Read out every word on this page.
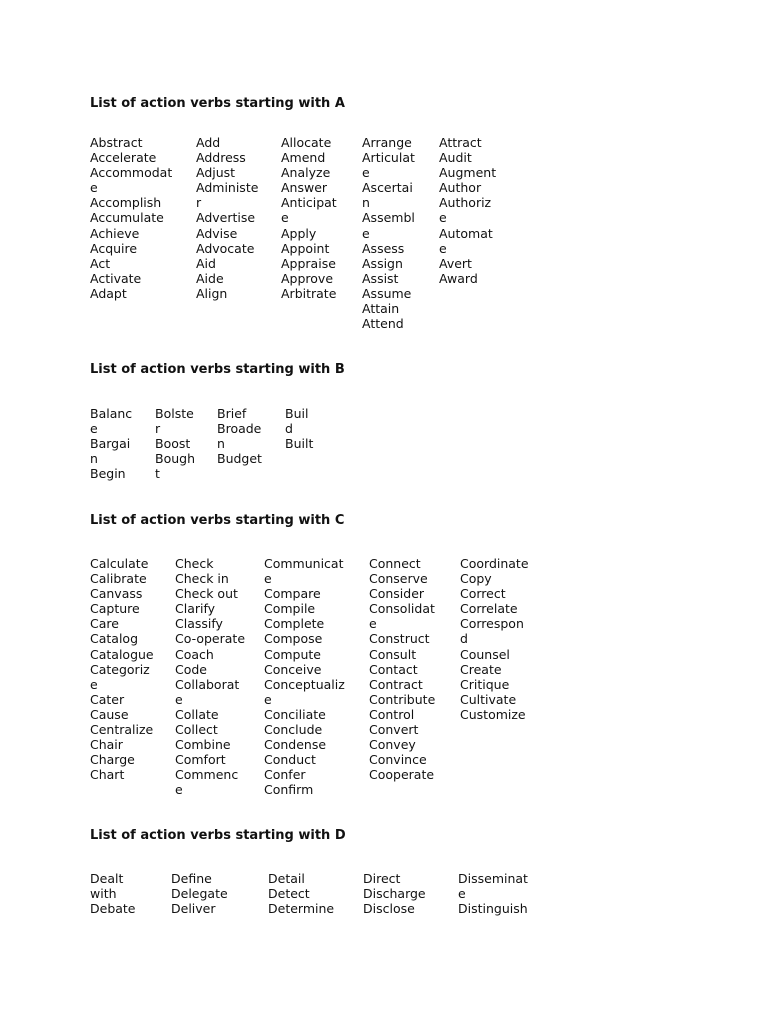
List of action verbs starting with A
Abstract
Accelerate
Accommodat
e
Accomplish
Accumulate
Achieve
Acquire
Act
Activate
Adapt
Add
Address
Adjust
Administe
r
Advertise
Advise
Advocate
Aid
Aide
Align
Allocate
Amend
Analyze
Answer
Anticipat
e
Apply
Appoint
Appraise
Approve
Arbitrate
Arrange
Articulat
e
Ascertai
n
Assembl
e
Assess
Assign
Assist
Assume
Attain
Attend
Attract
Audit
Augment
Author
Authoriz
e
Automat
e
Avert
Award
List of action verbs starting with B
Balanc
e
Bargai
n
Begin
Bolste
r
Boost
Bough
t
Brief
Broade
n
Budget
Buil
d
Built
List of action verbs starting with C
Calculate
Calibrate
Canvass
Capture
Care
Catalog
Catalogue
Categoriz
e
Cater
Cause
Centralize
Chair
Charge
Chart
Check
Check in
Check out
Clarify
Classify
Co-operate
Coach
Code
Collaborat
e
Collate
Collect
Combine
Comfort
Commenc
e
Communicat
e
Compare
Compile
Complete
Compose
Compute
Conceive
Conceptualiz
e
Conciliate
Conclude
Condense
Conduct
Confer
Confirm
Connect
Conserve
Consider
Consolidat
e
Construct
Consult
Contact
Contract
Contribute
Control
Convert
Convey
Convince
Cooperate
Coordinate
Copy
Correct
Correlate
Correspon
d
Counsel
Create
Critique
Cultivate
Customize
List of action verbs starting with D
Dealt
with
Debate
Define
Delegate
Deliver
Detail
Detect
Determine
Direct
Discharge
Disclose
Disseminat
e
Distinguish
